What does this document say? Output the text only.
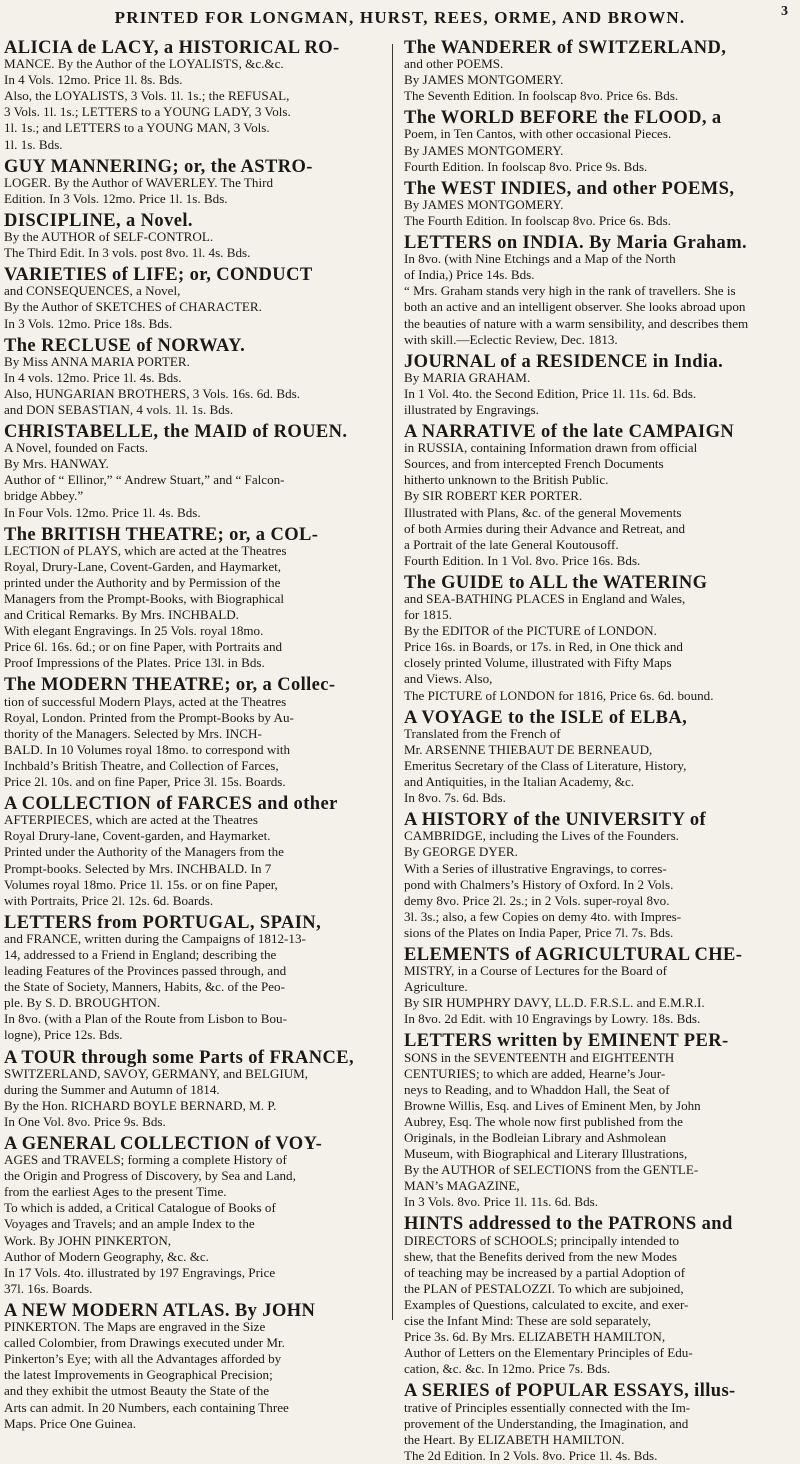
PRINTED FOR LONGMAN, HURST, REES, ORME, AND BROWN.	3
ALICIA de LACY, a HISTORICAL RO-
MANCE. By the Author of the LOYALISTS, &c.&c.
In 4 Vols. 12mo. Price 1l. 8s. Bds.
Also, the LOYALISTS, 3 Vols. 1l. 1s.; the REFUSAL,
3 Vols. 1l. 1s.; LETTERS to a YOUNG LADY, 3 Vols.
1l. 1s.; and LETTERS to a YOUNG MAN, 3 Vols.
1l. 1s. Bds.
GUY MANNERING; or, the ASTRO-
LOGER. By the Author of WAVERLEY. The Third
Edition. In 3 Vols. 12mo. Price 1l. 1s. Bds.
DISCIPLINE, a Novel.
By the AUTHOR of SELF-CONTROL.
The Third Edit. In 3 vols. post 8vo. 1l. 4s. Bds.
VARIETIES of LIFE; or, CONDUCT
and CONSEQUENCES, a Novel,
By the Author of SKETCHES of CHARACTER.
In 3 Vols. 12mo. Price 18s. Bds.
The RECLUSE of NORWAY.
By Miss ANNA MARIA PORTER.
In 4 vols. 12mo. Price 1l. 4s. Bds.
Also, HUNGARIAN BROTHERS, 3 Vols. 16s. 6d. Bds.
and DON SEBASTIAN, 4 vols. 1l. 1s. Bds.
CHRISTABELLE, the MAID of ROUEN.
A Novel, founded on Facts.
By Mrs. HANWAY.
Author of “ Ellinor,” “ Andrew Stuart,” and “ Falcon-
bridge Abbey.”
In Four Vols. 12mo. Price 1l. 4s. Bds.
The BRITISH THEATRE; or, a COL-
LECTION of PLAYS, which are acted at the Theatres
Royal, Drury-Lane, Covent-Garden, and Haymarket,
printed under the Authority and by Permission of the
Managers from the Prompt-Books, with Biographical
and Critical Remarks. By Mrs. INCHBALD.
With elegant Engravings. In 25 Vols. royal 18mo.
Price 6l. 16s. 6d.; or on fine Paper, with Portraits and
Proof Impressions of the Plates. Price 13l. in Bds.
The MODERN THEATRE; or, a Collec-
tion of successful Modern Plays, acted at the Theatres
Royal, London. Printed from the Prompt-Books by Au-
thority of the Managers. Selected by Mrs. INCH-
BALD. In 10 Volumes royal 18mo. to correspond with
Inchbald’s British Theatre, and Collection of Farces,
Price 2l. 10s. and on fine Paper, Price 3l. 15s. Boards.
A COLLECTION of FARCES and other
AFTERPIECES, which are acted at the Theatres
Royal Drury-lane, Covent-garden, and Haymarket.
Printed under the Authority of the Managers from the
Prompt-books. Selected by Mrs. INCHBALD. In 7
Volumes royal 18mo. Price 1l. 15s. or on fine Paper,
with Portraits, Price 2l. 12s. 6d. Boards.
LETTERS from PORTUGAL, SPAIN,
and FRANCE, written during the Campaigns of 1812-13-
14, addressed to a Friend in England; describing the
leading Features of the Provinces passed through, and
the State of Society, Manners, Habits, &c. of the Peo-
ple. By S. D. BROUGHTON.
In 8vo. (with a Plan of the Route from Lisbon to Bou-
logne), Price 12s. Bds.
A TOUR through some Parts of FRANCE,
SWITZERLAND, SAVOY, GERMANY, and BELGIUM,
during the Summer and Autumn of 1814.
By the Hon. RICHARD BOYLE BERNARD, M. P.
In One Vol. 8vo. Price 9s. Bds.
A GENERAL COLLECTION of VOY-
AGES and TRAVELS; forming a complete History of
the Origin and Progress of Discovery, by Sea and Land,
from the earliest Ages to the present Time.
To which is added, a Critical Catalogue of Books of
Voyages and Travels; and an ample Index to the
Work. By JOHN PINKERTON,
Author of Modern Geography, &c. &c.
In 17 Vols. 4to. illustrated by 197 Engravings, Price
37l. 16s. Boards.
A NEW MODERN ATLAS. By JOHN
PINKERTON. The Maps are engraved in the Size
called Colombier, from Drawings executed under Mr.
Pinkerton’s Eye; with all the Advantages afforded by
the latest Improvements in Geographical Precision;
and they exhibit the utmost Beauty the State of the
Arts can admit. In 20 Numbers, each containing Three
Maps. Price One Guinea.
The WANDERER of SWITZERLAND,
and other POEMS.
By JAMES MONTGOMERY.
The Seventh Edition. In foolscap 8vo. Price 6s. Bds.
The WORLD BEFORE the FLOOD, a
Poem, in Ten Cantos, with other occasional Pieces.
By JAMES MONTGOMERY.
Fourth Edition. In foolscap 8vo. Price 9s. Bds.
The WEST INDIES, and other POEMS,
By JAMES MONTGOMERY.
The Fourth Edition. In foolscap 8vo. Price 6s. Bds.
LETTERS on INDIA. By Maria Graham.
In 8vo. (with Nine Etchings and a Map of the North
of India,) Price 14s. Bds.
“ Mrs. Graham stands very high in the rank of travellers. She is
both an active and an intelligent observer. She looks abroad upon
the beauties of nature with a warm sensibility, and describes them
with skill.—Eclectic Review, Dec. 1813.
JOURNAL of a RESIDENCE in India.
By MARIA GRAHAM.
In 1 Vol. 4to. the Second Edition, Price 1l. 11s. 6d. Bds.
illustrated by Engravings.
A NARRATIVE of the late CAMPAIGN
in RUSSIA, containing Information drawn from official
Sources, and from intercepted French Documents
hitherto unknown to the British Public.
By SIR ROBERT KER PORTER.
Illustrated with Plans, &c. of the general Movements
of both Armies during their Advance and Retreat, and
a Portrait of the late General Koutousoff.
Fourth Edition. In 1 Vol. 8vo. Price 16s. Bds.
The GUIDE to ALL the WATERING
and SEA-BATHING PLACES in England and Wales,
for 1815.
By the EDITOR of the PICTURE of LONDON.
Price 16s. in Boards, or 17s. in Red, in One thick and
closely printed Volume, illustrated with Fifty Maps
and Views. Also,
The PICTURE of LONDON for 1816, Price 6s. 6d. bound.
A VOYAGE to the ISLE of ELBA,
Translated from the French of
Mr. ARSENNE THIEBAUT DE BERNEAUD,
Emeritus Secretary of the Class of Literature, History,
and Antiquities, in the Italian Academy, &c.
In 8vo. 7s. 6d. Bds.
A HISTORY of the UNIVERSITY of
CAMBRIDGE, including the Lives of the Founders.
By GEORGE DYER.
With a Series of illustrative Engravings, to corres-
pond with Chalmers’s History of Oxford. In 2 Vols.
demy 8vo. Price 2l. 2s.; in 2 Vols. super-royal 8vo.
3l. 3s.; also, a few Copies on demy 4to. with Impres-
sions of the Plates on India Paper, Price 7l. 7s. Bds.
ELEMENTS of AGRICULTURAL CHE-
MISTRY, in a Course of Lectures for the Board of
Agriculture.
By SIR HUMPHRY DAVY, LL.D. F.R.S.L. and E.M.R.I.
In 8vo. 2d Edit. with 10 Engravings by Lowry. 18s. Bds.
LETTERS written by EMINENT PER-
SONS in the SEVENTEENTH and EIGHTEENTH
CENTURIES; to which are added, Hearne’s Jour-
neys to Reading, and to Whaddon Hall, the Seat of
Browne Willis, Esq. and Lives of Eminent Men, by John
Aubrey, Esq. The whole now first published from the
Originals, in the Bodleian Library and Ashmolean
Museum, with Biographical and Literary Illustrations,
By the AUTHOR of SELECTIONS from the GENTLE-
MAN’s MAGAZINE,
In 3 Vols. 8vo. Price 1l. 11s. 6d. Bds.
HINTS addressed to the PATRONS and
DIRECTORS of SCHOOLS; principally intended to
shew, that the Benefits derived from the new Modes
of teaching may be increased by a partial Adoption of
the PLAN of PESTALOZZI. To which are subjoined,
Examples of Questions, calculated to excite, and exer-
cise the Infant Mind: These are sold separately,
Price 3s. 6d. By Mrs. ELIZABETH HAMILTON,
Author of Letters on the Elementary Principles of Edu-
cation, &c. &c. In 12mo. Price 7s. Bds.
A SERIES of POPULAR ESSAYS, illus-
trative of Principles essentially connected with the Im-
provement of the Understanding, the Imagination, and
the Heart. By ELIZABETH HAMILTON.
The 2d Edition. In 2 Vols. 8vo. Price 1l. 4s. Bds.
